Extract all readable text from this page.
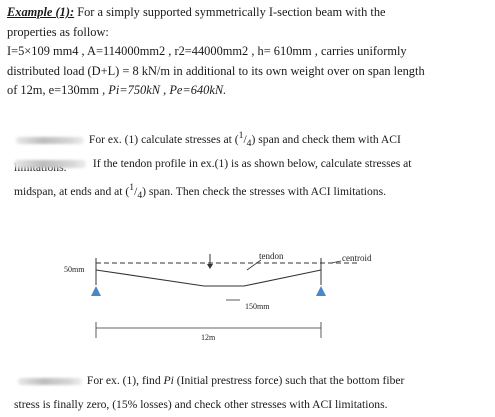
Example (1): For a simply supported symmetrically I-section beam with the
properties as follow:
I=5×109 mm4 , A=114000mm2 , r2=44000mm2 , h= 610mm , carries uniformly
distributed load (D+L) = 8 kN/m in additional to its own weight over on span length
of 12m, e=130mm , Pi=750kN , Pe=640kN.
For ex. (1) calculate stresses at $(^1/_4)$ span and check them with ACI
If the tendon profile in ex.(1) is as shown below, calculate stresses at
midspan, at ends and at $(^1/_4)$ span. Then check the stresses with ACI limitations.
tendon	centroid
50mm
150mm
12m
For ex. (1), find Pi (Initial prestress force) such that the bottom fiber
stress is finally zero, (15% losses) and check other stresses with ACI limitations.
